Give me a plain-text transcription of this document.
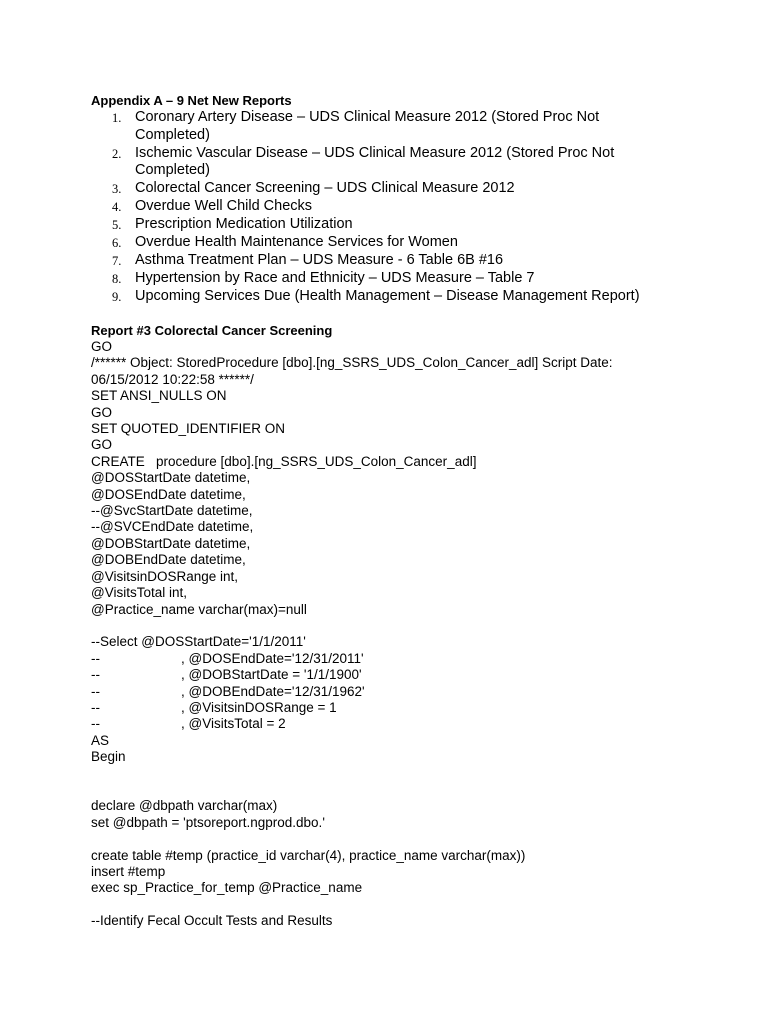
Appendix A – 9 Net New Reports
1. Coronary Artery Disease – UDS Clinical Measure 2012 (Stored Proc Not Completed)
2. Ischemic Vascular Disease – UDS Clinical Measure 2012 (Stored Proc Not Completed)
3. Colorectal Cancer Screening – UDS Clinical Measure 2012
4. Overdue Well Child Checks
5. Prescription Medication Utilization
6. Overdue Health Maintenance Services for Women
7. Asthma Treatment Plan – UDS Measure - 6 Table 6B #16
8. Hypertension by Race and Ethnicity – UDS Measure – Table 7
9. Upcoming Services Due (Health Management – Disease Management Report)
Report #3 Colorectal Cancer Screening
GO
/****** Object: StoredProcedure [dbo].[ng_SSRS_UDS_Colon_Cancer_adl] Script Date: 06/15/2012 10:22:58 ******/
SET ANSI_NULLS ON
GO
SET QUOTED_IDENTIFIER ON
GO
CREATE   procedure [dbo].[ng_SSRS_UDS_Colon_Cancer_adl]
@DOSStartDate datetime,
@DOSEndDate datetime,
--@SvcStartDate datetime,
--@SVCEndDate datetime,
@DOBStartDate datetime,
@DOBEndDate datetime,
@VisitsinDOSRange int,
@VisitsTotal int,
@Practice_name varchar(max)=null
--Select @DOSStartDate='1/1/2011'
--	, @DOSEndDate='12/31/2011'
--	, @DOBStartDate = '1/1/1900'
--	, @DOBEndDate='12/31/1962'
--	, @VisitsinDOSRange = 1
--	, @VisitsTotal = 2
AS
Begin
declare @dbpath varchar(max)
set @dbpath = 'ptsoreport.ngprod.dbo.'
create table #temp (practice_id varchar(4), practice_name varchar(max))
insert #temp
exec sp_Practice_for_temp @Practice_name
--Identify Fecal Occult Tests and Results
